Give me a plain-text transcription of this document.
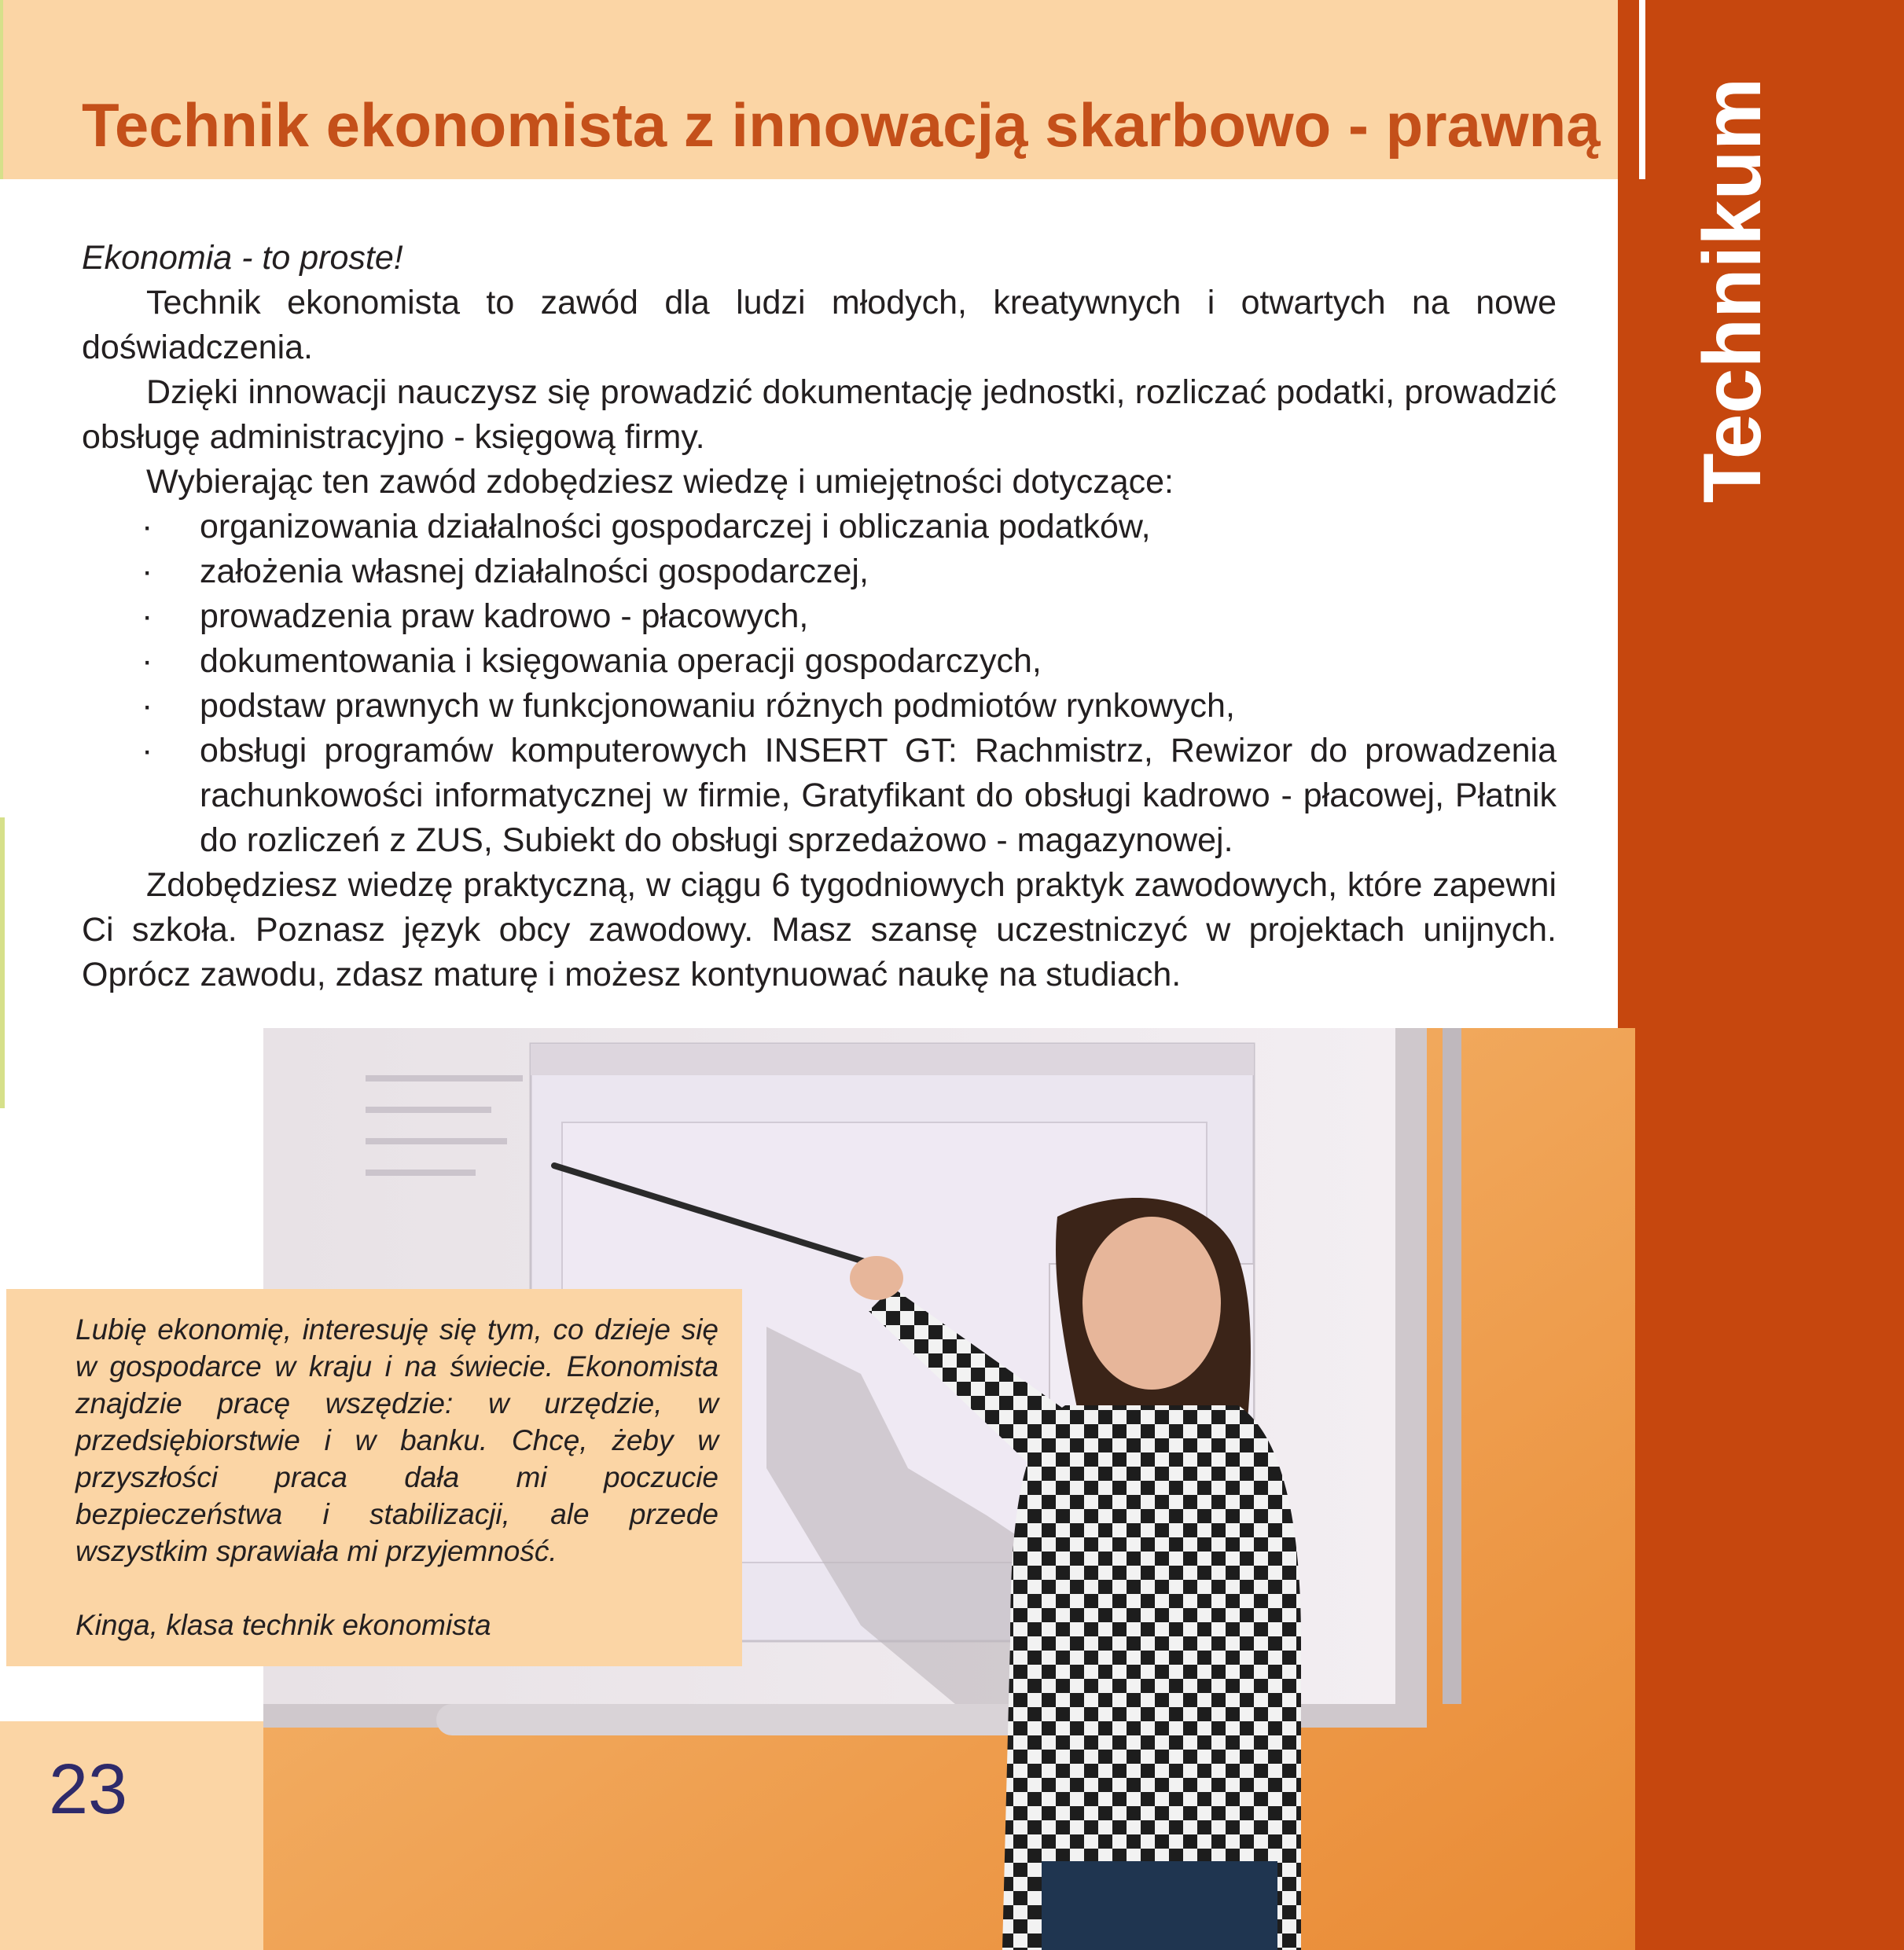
Technik ekonomista z innowacją skarbowo - prawną Technikum

Ekonomia - to proste!

Technik ekonomista to zawód dla ludzi młodych, kreatywnych i otwartych na nowe doświadczenia.

Dzięki innowacji nauczysz się prowadzić dokumentację jednostki, rozliczać podatki, prowadzić obsługę administracyjno - księgową firmy.

Wybierając ten zawód zdobędziesz wiedzę i umiejętności dotyczące:

· organizowania działalności gospodarczej i obliczania podatków,
· założenia własnej działalności gospodarczej,
· prowadzenia praw kadrowo - płacowych,
· dokumentowania i księgowania operacji gospodarczych,
· podstaw prawnych w funkcjonowaniu różnych podmiotów rynkowych,
· obsługi programów komputerowych INSERT GT: Rachmistrz, Rewizor do prowadzenia rachunkowości informatycznej w firmie, Gratyfikant do obsługi kadrowo - płacowej, Płatnik do rozliczeń z ZUS, Subiekt do obsługi sprzedażowo - magazynowej.

Zdobędziesz wiedzę praktyczną, w ciągu 6 tygodniowych praktyk zawodowych, które zapewni Ci szkoła. Poznasz język obcy zawodowy. Masz szansę uczestniczyć w projektach unijnych. Oprócz zawodu, zdasz maturę i możesz kontynuować naukę na studiach.

Lubię ekonomię, interesuję się tym, co dzieje się w gospodarce w kraju i na świecie. Ekonomista znajdzie pracę wszędzie: w urzędzie, w przedsiębiorstwie i w banku. Chcę, żeby w przyszłości praca dała mi poczucie bezpieczeństwa i stabilizacji, ale przede wszystkim sprawiała mi przyjemność.

Kinga, klasa technik ekonomista

23
